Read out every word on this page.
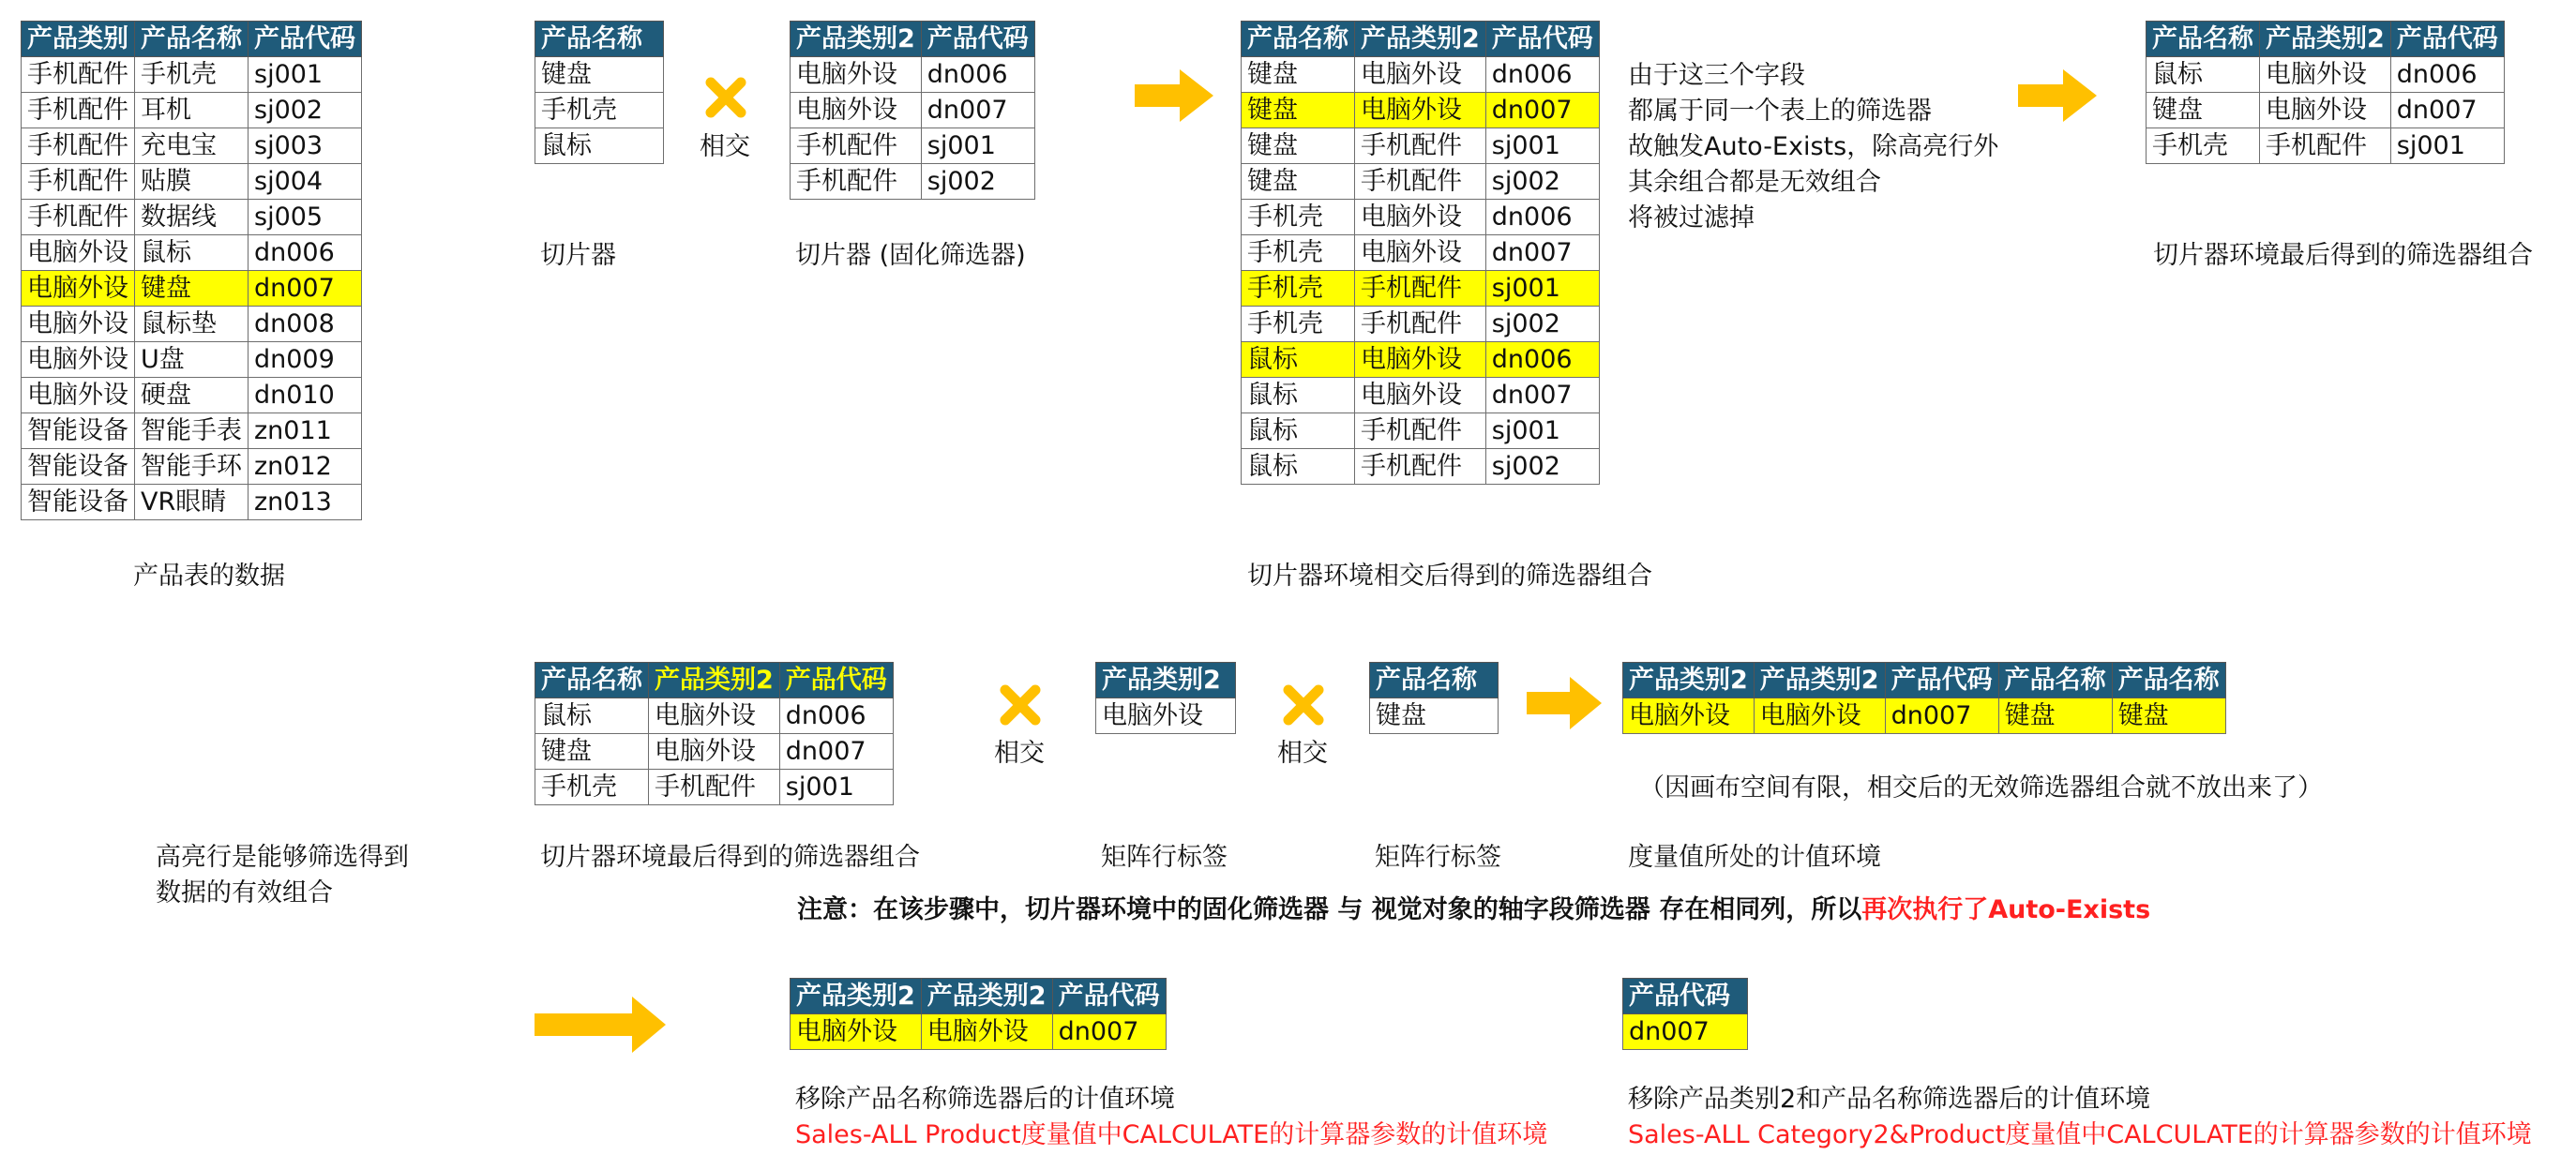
产品类别	产品名称	产品代码
手机配件	手机壳	sj001
手机配件	耳机	sj002
手机配件	充电宝	sj003
手机配件	贴膜	sj004
手机配件	数据线	sj005
电脑外设	鼠标	dn006
电脑外设	键盘	dn007
电脑外设	鼠标垫	dn008
电脑外设	U盘	dn009
电脑外设	硬盘	dn010
智能设备	智能手表	zn011
智能设备	智能手环	zn012
智能设备	VR眼睛	zn013
产品表的数据
产品名称
键盘
手机壳
鼠标
切片器
相交
产品类别2	产品代码
电脑外设	dn006
电脑外设	dn007
手机配件	sj001
手机配件	sj002
切片器 (固化筛选器)
产品名称	产品类别2	产品代码
键盘	电脑外设	dn006
键盘	电脑外设	dn007
键盘	手机配件	sj001
键盘	手机配件	sj002
手机壳	电脑外设	dn006
手机壳	电脑外设	dn007
手机壳	手机配件	sj001
手机壳	手机配件	sj002
鼠标	电脑外设	dn006
鼠标	电脑外设	dn007
鼠标	手机配件	sj001
鼠标	手机配件	sj002
切片器环境相交后得到的筛选器组合
由于这三个字段
都属于同一个表上的筛选器
故触发Auto-Exists，除高亮行外
其余组合都是无效组合
将被过滤掉
产品名称	产品类别2	产品代码
鼠标	电脑外设	dn006
键盘	电脑外设	dn007
手机壳	手机配件	sj001
切片器环境最后得到的筛选器组合
高亮行是能够筛选得到
数据的有效组合
产品名称	产品类别2	产品代码
鼠标	电脑外设	dn006
键盘	电脑外设	dn007
手机壳	手机配件	sj001
切片器环境最后得到的筛选器组合
相交
产品类别2
电脑外设
矩阵行标签
相交
产品名称
键盘
矩阵行标签
产品类别2	产品类别2	产品代码	产品名称	产品名称
电脑外设	电脑外设	dn007	键盘	键盘
（因画布空间有限，相交后的无效筛选器组合就不放出来了）
度量值所处的计值环境
注意：在该步骤中，切片器环境中的固化筛选器 与 视觉对象的轴字段筛选器 存在相同列，所以再次执行了Auto-Exists
产品类别2	产品类别2	产品代码
电脑外设	电脑外设	dn007
移除产品名称筛选器后的计值环境
Sales-ALL Product度量值中CALCULATE的计算器参数的计值环境
产品代码
dn007
移除产品类别2和产品名称筛选器后的计值环境
Sales-ALL Category2&Product度量值中CALCULATE的计算器参数的计值环境
